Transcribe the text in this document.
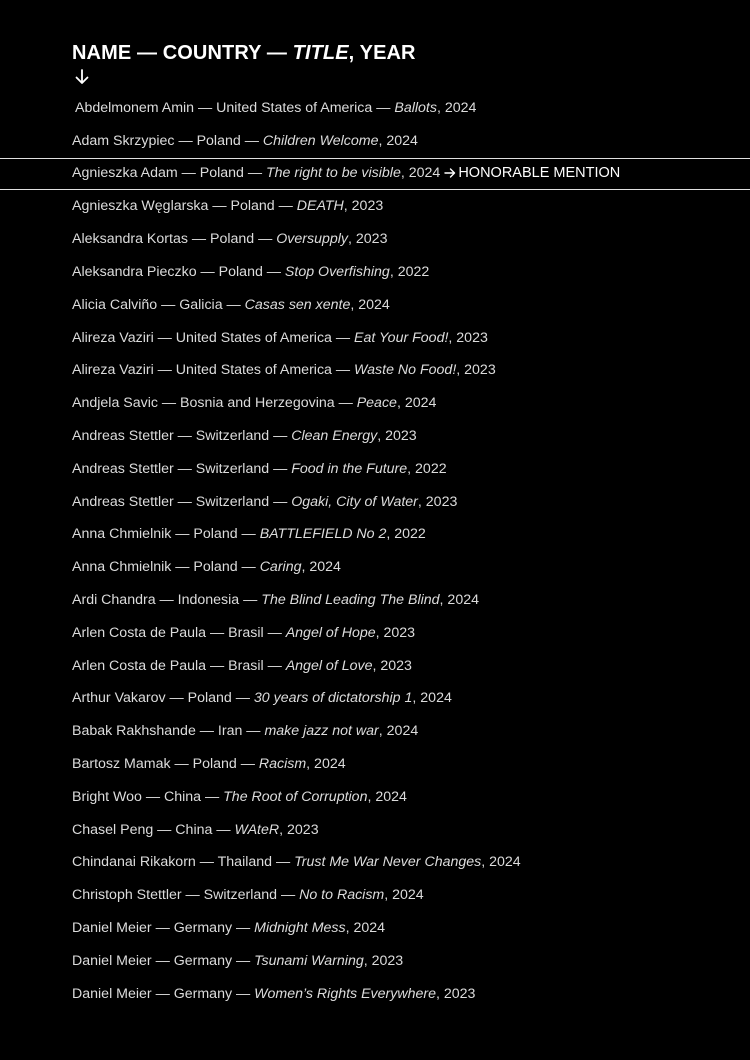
NAME — COUNTRY — TITLE, YEAR
Abdelmonem Amin — United States of America — Ballots, 2024
Adam Skrzypiec — Poland — Children Welcome, 2024
Agnieszka Adam — Poland — The right to be visible, 2024 HONORABLE MENTION
Agnieszka Węglarska — Poland — DEATH, 2023
Aleksandra Kortas — Poland — Oversupply, 2023
Aleksandra Pieczko — Poland — Stop Overfishing, 2022
Alicia Calviño — Galicia — Casas sen xente, 2024
Alireza Vaziri — United States of America — Eat Your Food!, 2023
Alireza Vaziri — United States of America — Waste No Food!, 2023
Andjela Savic — Bosnia and Herzegovina — Peace, 2024
Andreas Stettler — Switzerland — Clean Energy, 2023
Andreas Stettler — Switzerland — Food in the Future, 2022
Andreas Stettler — Switzerland — Ogaki, City of Water, 2023
Anna Chmielnik — Poland — BATTLEFIELD No 2, 2022
Anna Chmielnik — Poland — Caring, 2024
Ardi Chandra — Indonesia — The Blind Leading The Blind, 2024
Arlen Costa de Paula — Brasil — Angel of Hope, 2023
Arlen Costa de Paula — Brasil — Angel of Love, 2023
Arthur Vakarov — Poland — 30 years of dictatorship 1, 2024
Babak Rakhshande — Iran — make jazz not war, 2024
Bartosz Mamak — Poland — Racism, 2024
Bright Woo — China — The Root of Corruption, 2024
Chasel Peng — China — WAteR, 2023
Chindanai Rikakorn — Thailand — Trust Me War Never Changes, 2024
Christoph Stettler — Switzerland — No to Racism, 2024
Daniel Meier — Germany — Midnight Mess, 2024
Daniel Meier — Germany — Tsunami Warning, 2023
Daniel Meier — Germany — Women’s Rights Everywhere, 2023
